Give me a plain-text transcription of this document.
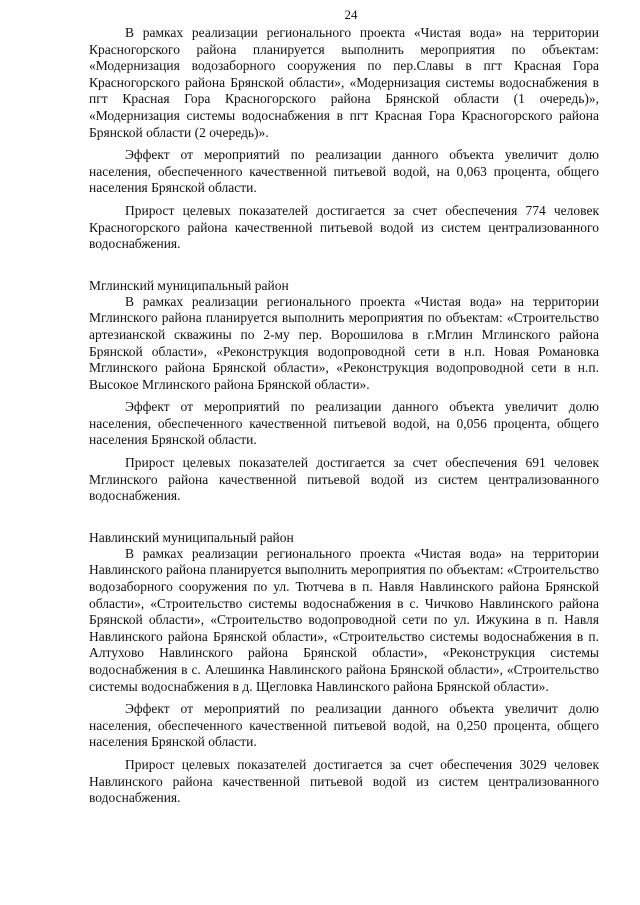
24

В рамках реализации регионального проекта «Чистая вода» на территории Красногорского района планируется выполнить мероприятия по объектам: «Модернизация водозаборного сооружения по пер.Славы в пгт Красная Гора Красногорского района Брянской области», «Модернизация системы водоснабжения в пгт Красная Гора Красногорского района Брянской области (1 очередь)», «Модернизация системы водоснабжения в пгт Красная Гора Красногорского района Брянской области (2 очередь)».

Эффект от мероприятий по реализации данного объекта увеличит долю населения, обеспеченного качественной питьевой водой, на 0,063 процента, общего населения Брянской области.

Прирост целевых показателей достигается за счет обеспечения 774 человек Красногорского района качественной питьевой водой из систем централизованного водоснабжения.

Мглинский муниципальный район

В рамках реализации регионального проекта «Чистая вода» на территории Мглинского района планируется выполнить мероприятия по объектам: «Строительство артезианской скважины по 2-му пер. Ворошилова в г.Мглин Мглинского района Брянской области», «Реконструкция водопроводной сети в н.п. Новая Романовка Мглинского района Брянской области», «Реконструкция водопроводной сети в н.п. Высокое Мглинского района Брянской области».

Эффект от мероприятий по реализации данного объекта увеличит долю населения, обеспеченного качественной питьевой водой, на 0,056 процента, общего населения Брянской области.

Прирост целевых показателей достигается за счет обеспечения 691 человек Мглинского района качественной питьевой водой из систем централизованного водоснабжения.

Навлинский муниципальный район

В рамках реализации регионального проекта «Чистая вода» на территории Навлинского района планируется выполнить мероприятия по объектам: «Строительство водозаборного сооружения по ул. Тютчева в п. Навля Навлинского района Брянской области», «Строительство системы водоснабжения в с. Чичково Навлинского района Брянской области», «Строительство водопроводной сети по ул. Ижукина в п. Навля Навлинского района Брянской области», «Строительство системы водоснабжения в п. Алтухово Навлинского района Брянской области», «Реконструкция системы водоснабжения в с. Алешинка Навлинского района Брянской области», «Строительство системы водоснабжения в д. Щегловка Навлинского района Брянской области».

Эффект от мероприятий по реализации данного объекта увеличит долю населения, обеспеченного качественной питьевой водой, на 0,250 процента, общего населения Брянской области.

Прирост целевых показателей достигается за счет обеспечения 3029 человек Навлинского района качественной питьевой водой из систем централизованного водоснабжения.
